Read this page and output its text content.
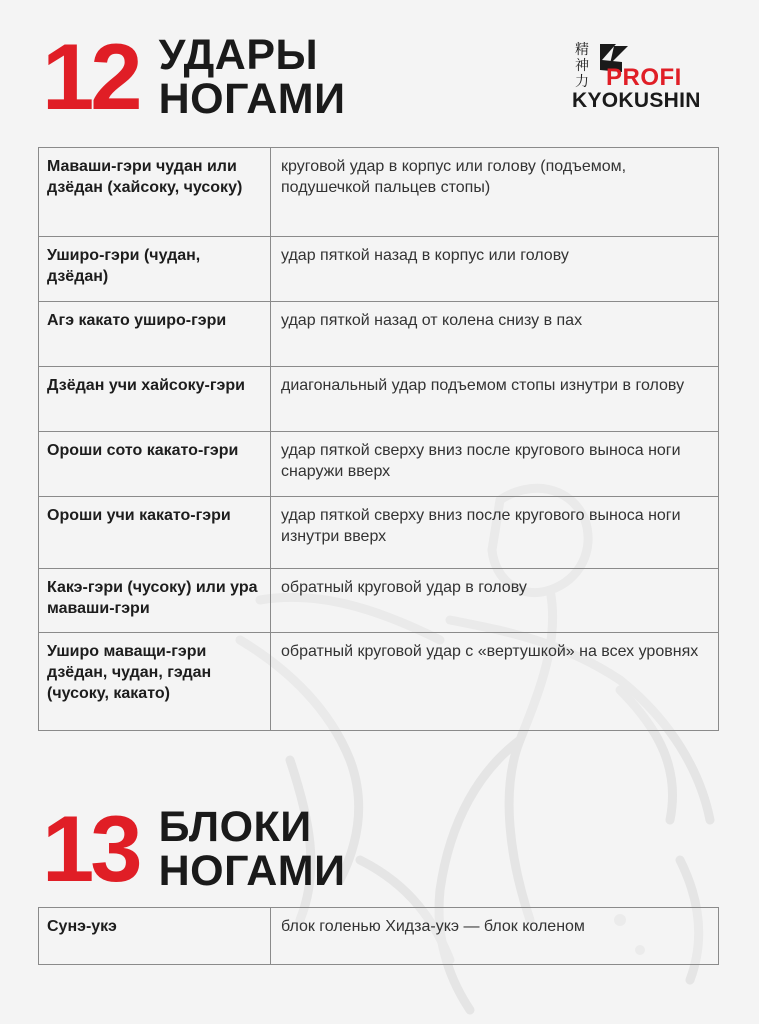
精
神
力 PROFI
KYOKUSHIN
12 УДАРЫ
НОГАМИ
Маваши-гэри чудан или дзёдан (хайсоку, чусоку)	круговой удар в корпус или голову (подъемом, подушечкой пальцев стопы)
Уширо-гэри (чудан, дзёдан)	удар пяткой назад в корпус или голову
Агэ какато уширо-гэри	удар пяткой назад от колена снизу в пах
Дзёдан учи хайсоку-гэри	диагональный удар подъемом стопы изнутри в голову
Ороши сото какато-гэри	удар пяткой сверху вниз после кругового выноса ноги снаружи вверх
Ороши учи какато-гэри	удар пяткой сверху вниз после кругового выноса ноги изнутри вверх
Какэ-гэри (чусоку) или ура маваши-гэри	обратный круговой удар в голову
Уширо маващи-гэри дзёдан, чудан, гэдан (чусоку, какато)	обратный круговой удар с «вертушкой» на всех уровнях
13 БЛОКИ
НОГАМИ
Сунэ-укэ	блок голенью Хидза-укэ — блок коленом
